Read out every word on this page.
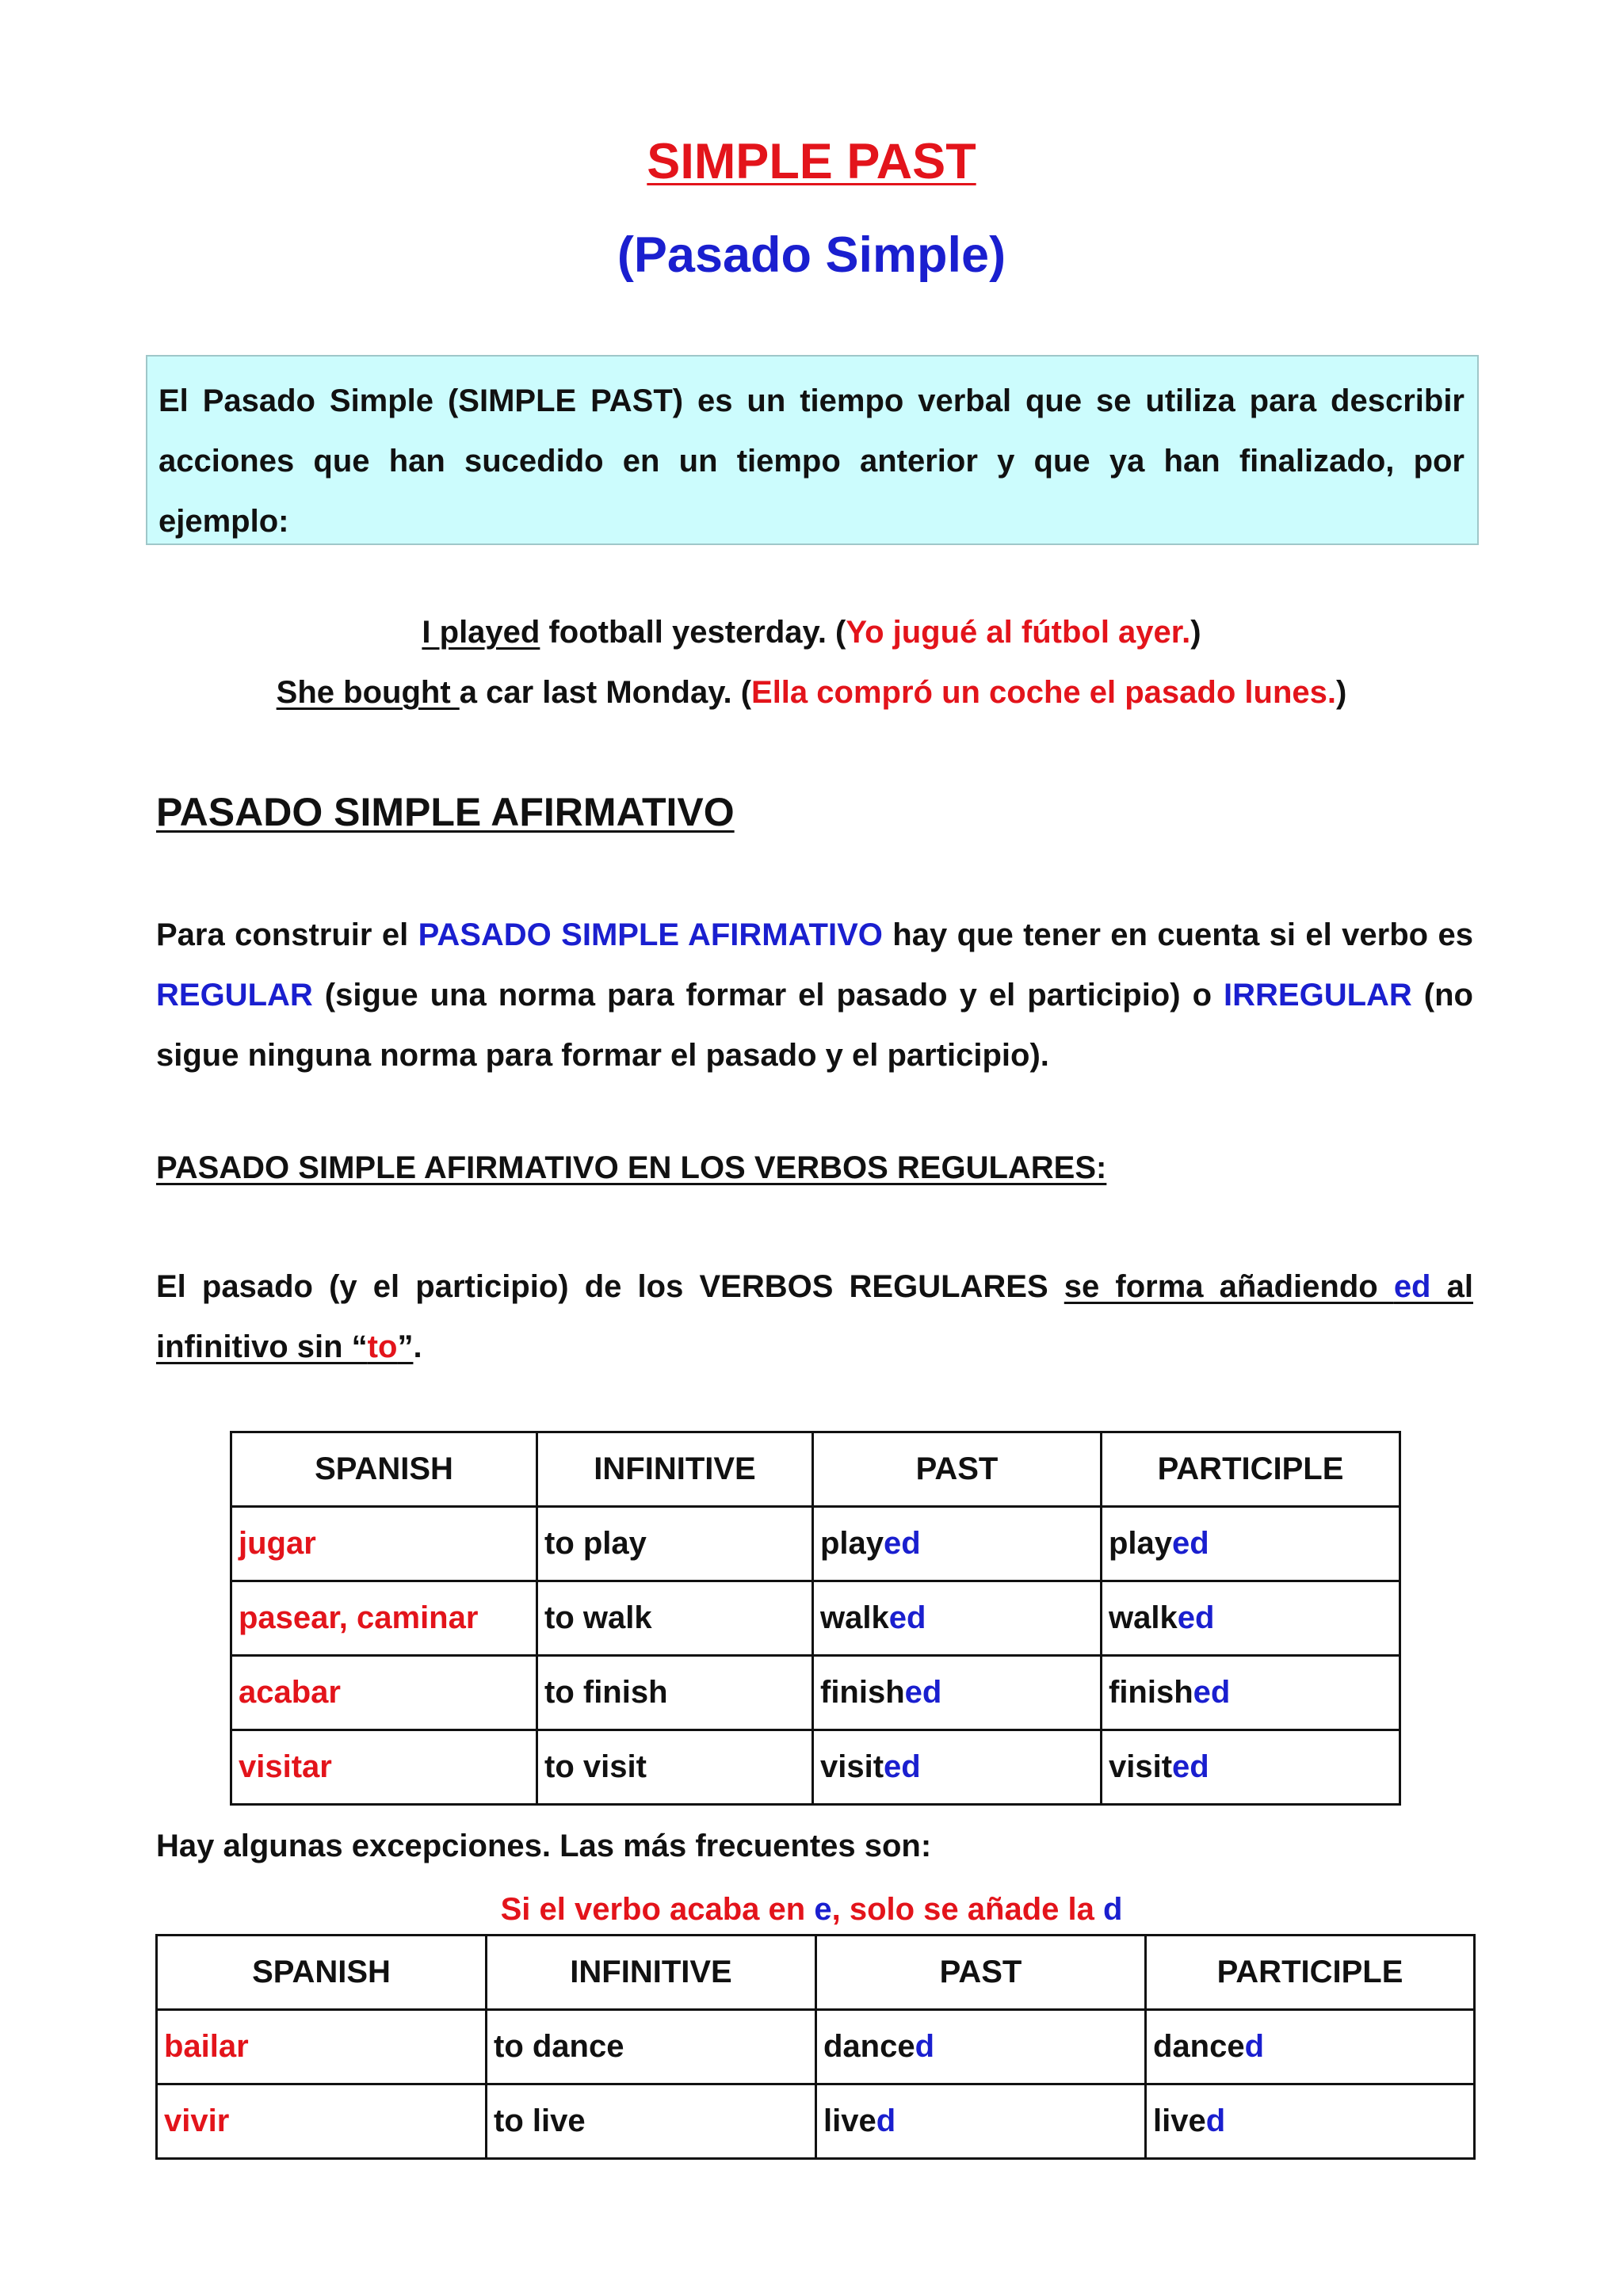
SIMPLE PAST
(Pasado Simple)
El Pasado Simple (SIMPLE PAST) es un tiempo verbal que se utiliza para describir acciones que han sucedido en un tiempo anterior y que ya han finalizado, por ejemplo:
I played football yesterday. (Yo jugué al fútbol ayer.)
She bought a car last Monday. (Ella compró un coche el pasado lunes.)
PASADO SIMPLE AFIRMATIVO
Para construir el PASADO SIMPLE AFIRMATIVO hay que tener en cuenta si el verbo es REGULAR (sigue una norma para formar el pasado y el participio) o IRREGULAR (no sigue ninguna norma para formar el pasado y el participio).
PASADO SIMPLE AFIRMATIVO EN LOS VERBOS REGULARES:
El pasado (y el participio) de los VERBOS REGULARES se forma añadiendo ed al infinitivo sin “to”.
SPANISH	INFINITIVE	PAST	PARTICIPLE
jugar	to play	played	played
pasear, caminar	to walk	walked	walked
acabar	to finish	finished	finished
visitar	to visit	visited	visited
Hay algunas excepciones. Las más frecuentes son:
Si el verbo acaba en e, solo se añade la d
SPANISH	INFINITIVE	PAST	PARTICIPLE
bailar	to dance	danced	danced
vivir	to live	lived	lived
